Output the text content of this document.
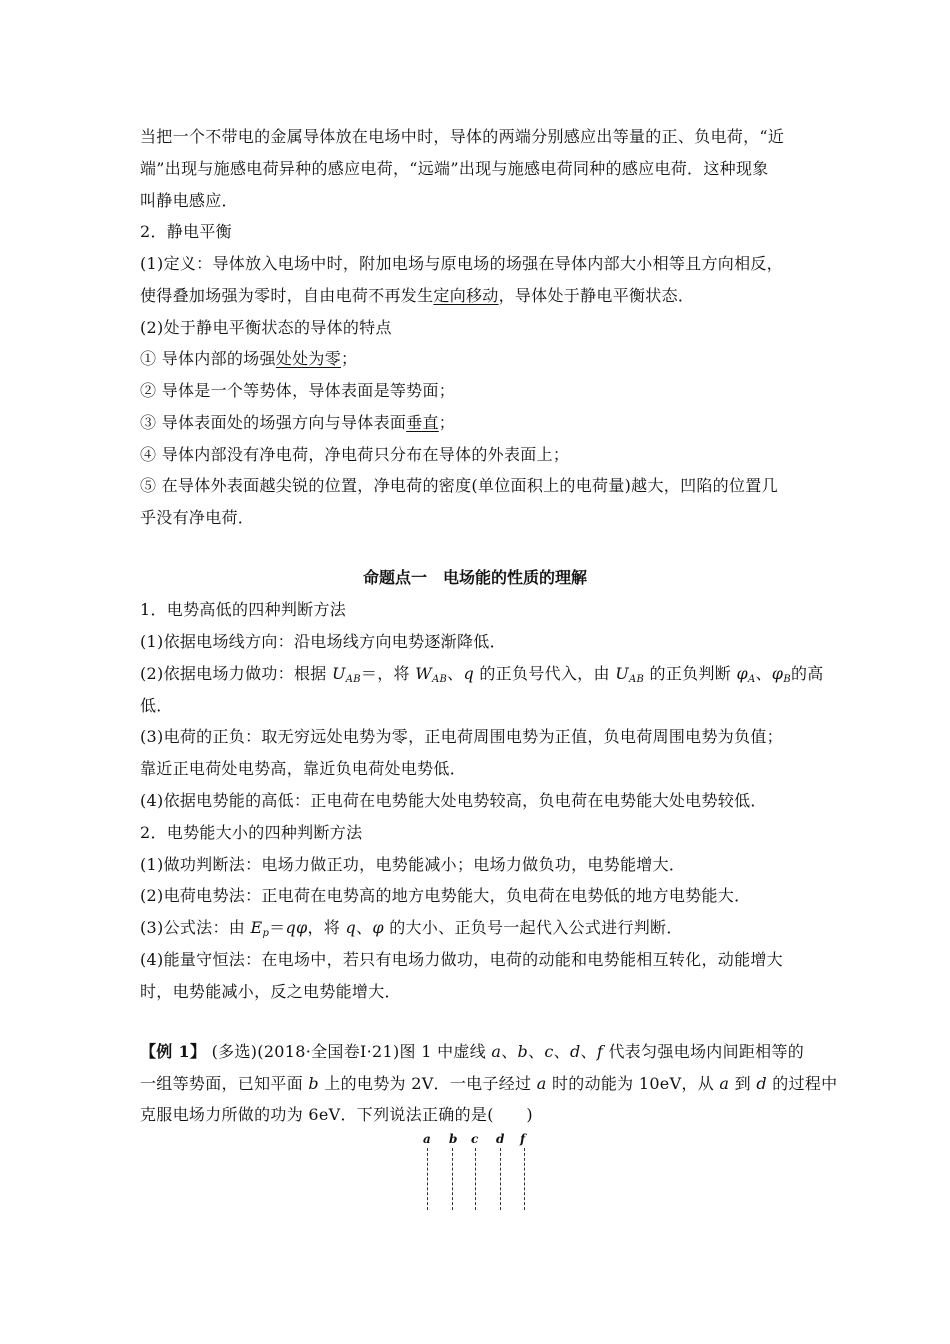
当把一个不带电的金属导体放在电场中时，导体的两端分别感应出等量的正、负电荷，“近
端”出现与施感电荷异种的感应电荷，“远端”出现与施感电荷同种的感应电荷．这种现象
叫静电感应．
2．静电平衡
(1)定义：导体放入电场中时，附加电场与原电场的场强在导体内部大小相等且方向相反，
使得叠加场强为零时，自由电荷不再发生定向移动，导体处于静电平衡状态．
(2)处于静电平衡状态的导体的特点
① 导体内部的场强处处为零；
② 导体是一个等势体，导体表面是等势面；
③ 导体表面处的场强方向与导体表面垂直；
④ 导体内部没有净电荷，净电荷只分布在导体的外表面上；
⑤ 在导体外表面越尖锐的位置，净电荷的密度(单位面积上的电荷量)越大，凹陷的位置几
乎没有净电荷．
命题点一　电场能的性质的理解
1．电势高低的四种判断方法
(1)依据电场线方向：沿电场线方向电势逐渐降低．
(2)依据电场力做功：根据 $U_{AB}=$，将 $W_{AB}$、q 的正负号代入，由 $U_{AB}$ 的正负判断 $\varphi_A$、$\varphi_B$的高
低．
(3)电荷的正负：取无穷远处电势为零，正电荷周围电势为正值，负电荷周围电势为负值；
靠近正电荷处电势高，靠近负电荷处电势低．
(4)依据电势能的高低：正电荷在电势能大处电势较高，负电荷在电势能大处电势较低．
2．电势能大小的四种判断方法
(1)做功判断法：电场力做正功，电势能减小；电场力做负功，电势能增大．
(2)电荷电势法：正电荷在电势高的地方电势能大，负电荷在电势低的地方电势能大．
(3)公式法：由 $E_p=q\varphi$，将 q、φ 的大小、正负号一起代入公式进行判断．
(4)能量守恒法：在电场中，若只有电场力做功，电荷的动能和电势能相互转化，动能增大
时，电势能减小，反之电势能增大．
【例 1】 (多选)(2018·全国卷Ⅰ·21)图 1 中虚线 a、b、c、d、f 代表匀强电场内间距相等的
一组等势面，已知平面 b 上的电势为 2V．一电子经过 a 时的动能为 10eV，从 a 到 d 的过程中
克服电场力所做的功为 6eV．下列说法正确的是(　　)
a b c d f
